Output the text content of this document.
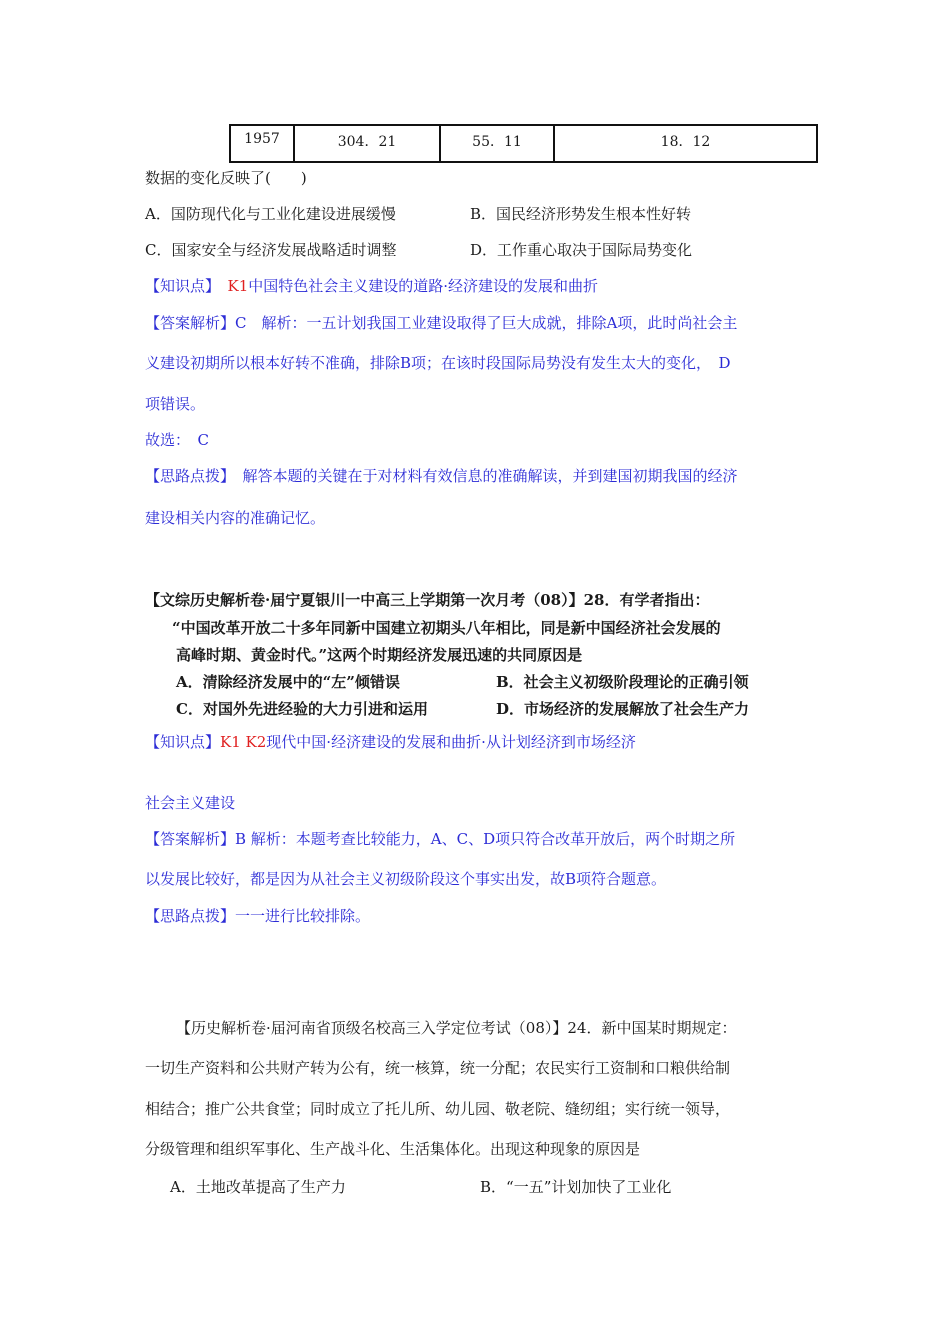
1957	304．21	55．11	18．12
数据的变化反映了(　　)
A．国防现代化与工业化建设进展缓慢	B．国民经济形势发生根本性好转
C．国家安全与经济发展战略适时调整	D．工作重心取决于国际局势变化
【知识点】　K1中国特色社会主义建设的道路·经济建设的发展和曲折
【答案解析】C　解析：一五计划我国工业建设取得了巨大成就，排除A项，此时尚社会主
义建设初期所以根本好转不准确，排除B项；在该时段国际局势没有发生太大的变化，　D
项错误。
故选：　C
【思路点拨】　解答本题的关键在于对材料有效信息的准确解读，并到建国初期我国的经济
建设相关内容的准确记忆。
【文综历史解析卷·届宁夏银川一中高三上学期第一次月考（08）】28．有学者指出：
“中国改革开放二十多年同新中国建立初期头八年相比，同是新中国经济社会发展的
高峰时期、黄金时代。”这两个时期经济发展迅速的共同原因是
A．清除经济发展中的“左”倾错误	B．社会主义初级阶段理论的正确引领
C．对国外先进经验的大力引进和运用	D．市场经济的发展解放了社会生产力
【知识点】K1 K2现代中国·经济建设的发展和曲折·从计划经济到市场经济
社会主义建设
【答案解析】B 解析：本题考查比较能力，A、C、D项只符合改革开放后，两个时期之所
以发展比较好，都是因为从社会主义初级阶段这个事实出发，故B项符合题意。
【思路点拨】一一进行比较排除。
【历史解析卷·届河南省顶级名校高三入学定位考试（08）】24．新中国某时期规定：
一切生产资料和公共财产转为公有，统一核算，统一分配；农民实行工资制和口粮供给制
相结合；推广公共食堂；同时成立了托儿所、幼儿园、敬老院、缝纫组；实行统一领导，
分级管理和组织军事化、生产战斗化、生活集体化。出现这种现象的原因是
A．土地改革提高了生产力	B．“一五”计划加快了工业化
